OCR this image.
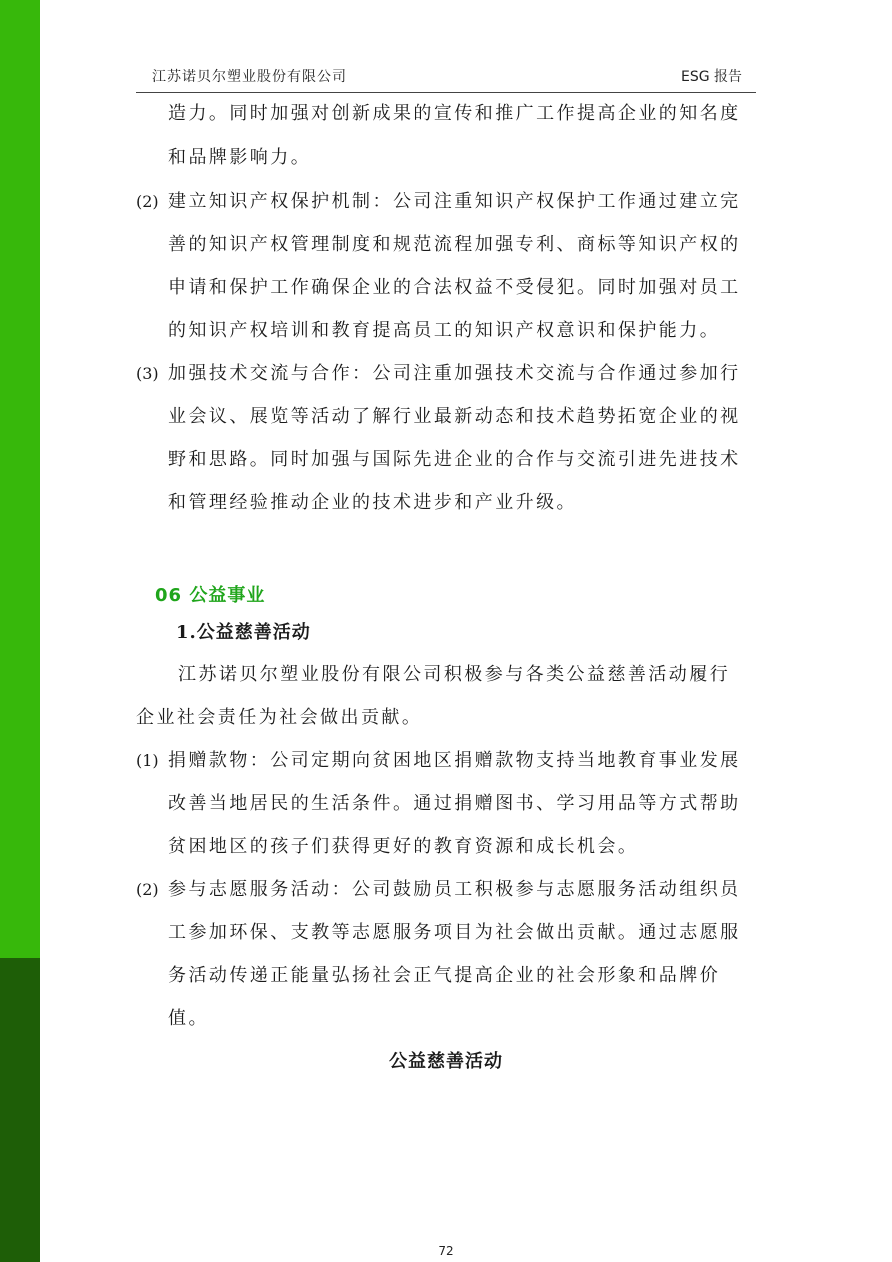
江苏诺贝尔塑业股份有限公司	ESG 报告
造力。同时加强对创新成果的宣传和推广工作提高企业的知名度
和品牌影响力。
(2) 建立知识产权保护机制：公司注重知识产权保护工作通过建立完
善的知识产权管理制度和规范流程加强专利、商标等知识产权的
申请和保护工作确保企业的合法权益不受侵犯。同时加强对员工
的知识产权培训和教育提高员工的知识产权意识和保护能力。
(3) 加强技术交流与合作：公司注重加强技术交流与合作通过参加行
业会议、展览等活动了解行业最新动态和技术趋势拓宽企业的视
野和思路。同时加强与国际先进企业的合作与交流引进先进技术
和管理经验推动企业的技术进步和产业升级。
06 公益事业
1.公益慈善活动
江苏诺贝尔塑业股份有限公司积极参与各类公益慈善活动履行
企业社会责任为社会做出贡献。
(1) 捐赠款物：公司定期向贫困地区捐赠款物支持当地教育事业发展
改善当地居民的生活条件。通过捐赠图书、学习用品等方式帮助
贫困地区的孩子们获得更好的教育资源和成长机会。
(2) 参与志愿服务活动：公司鼓励员工积极参与志愿服务活动组织员
工参加环保、支教等志愿服务项目为社会做出贡献。通过志愿服
务活动传递正能量弘扬社会正气提高企业的社会形象和品牌价
值。
公益慈善活动
72
